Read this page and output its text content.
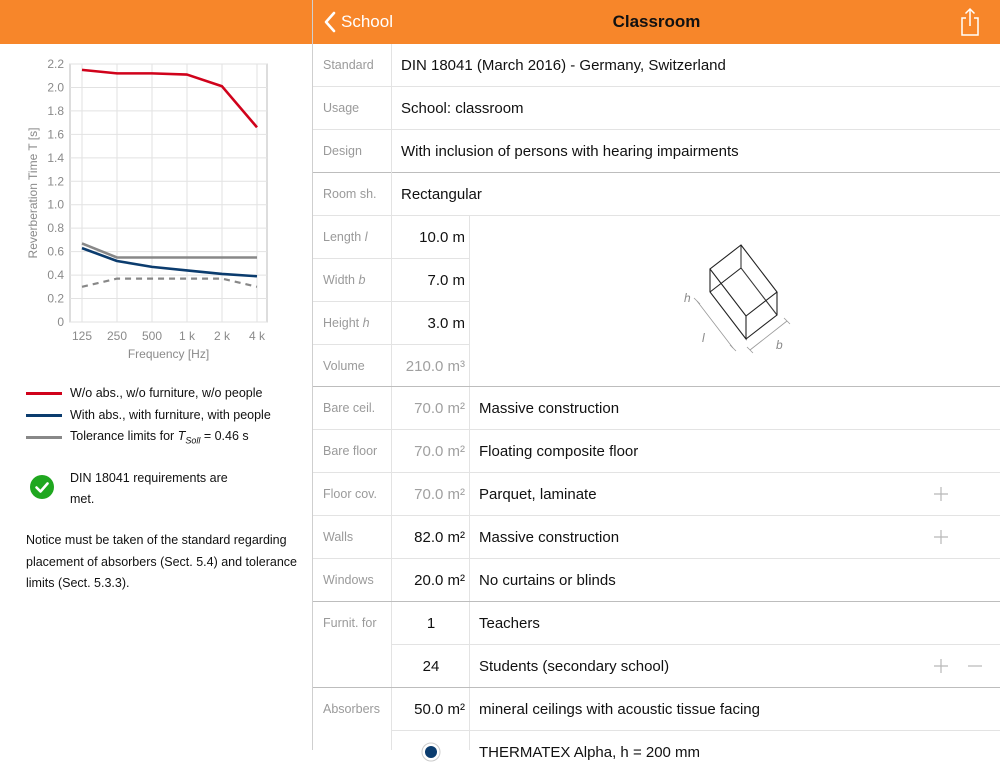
School	Classroom
0
0.2
0.4
0.6
0.8
1.0
1.2
1.4
1.6
1.8
2.0
2.2
125 250 500 1 k 2 k 4 k
Frequency [Hz]
Reverberation Time T [s]
W/o abs., w/o furniture, w/o people
With abs., with furniture, with people
Tolerance limits for $T_{Soll} = 0.46$ s
DIN 18041 requirements are met.
Notice must be taken of the standard regarding placement of absorbers (Sect. 5.4) and tolerance limits (Sect. 5.3.3).
Standard DIN 18041 (March 2016) - Germany, Switzerland
Usage	School: classroom
Design	With inclusion of persons with hearing impairments
Room sh. Rectangular
Length l	10.0 m
Width b	7.0 m
Height h	3.0 m
Volume	210.0 m³
h
l	b
Bare ceil.	70.0 m² Massive construction
Bare floor	70.0 m² Floating composite floor
Floor cov.	70.0 m² Parquet, laminate
Walls	82.0 m² Massive construction
Windows	20.0 m² No curtains or blinds
Furnit. for	1	Teachers
24	Students (secondary school)
Absorbers	50.0 m² mineral ceilings with acoustic tissue facing
THERMATEX Alpha, h = 200 mm
